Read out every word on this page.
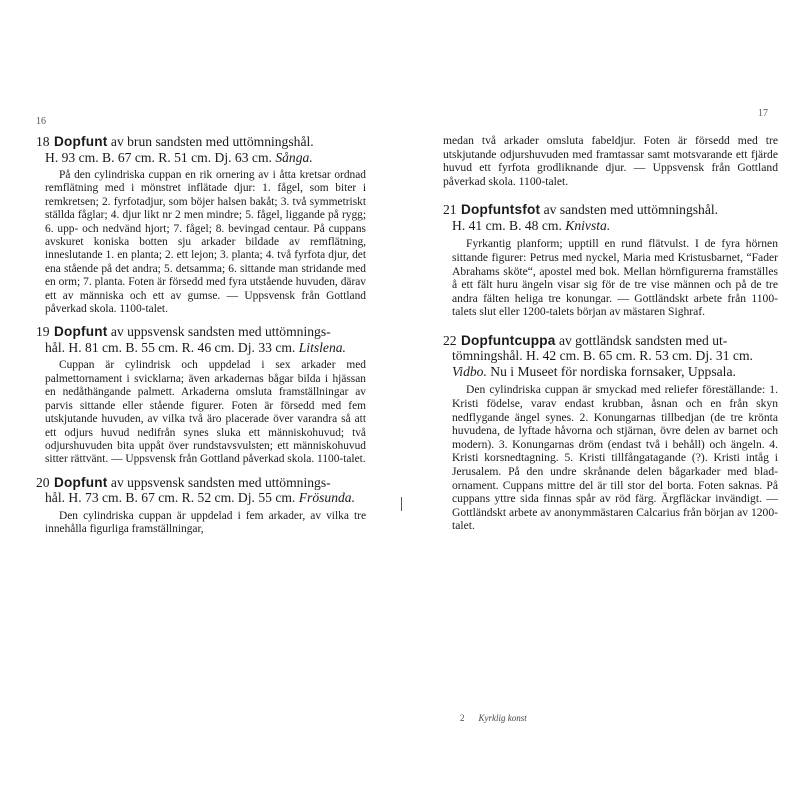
16
17

18 Dopfunt av brun sandsten med uttömningshål.
H. 93 cm. B. 67 cm. R. 51 cm. Dj. 63 cm. Sånga.

På den cylindriska cuppan en rik ornering av i åtta kretsar ordnad remflätning med i mönstret inflätade djur: 1. fågel, som biter i remkretsen; 2. fyrfotadjur, som böjer halsen bakåt; 3. två symmetriskt ställda fåglar; 4. djur likt nr 2 men mindre; 5. fågel, liggande på rygg; 6. upp- och nedvänd hjort; 7. fågel; 8. bevingad centaur. På cuppans avskuret koniska botten sju arkader bildade av remflätning, inneslutande 1. en planta; 2. ett lejon; 3. planta; 4. två fyrfota djur, det ena stående på det andra; 5. detsamma; 6. sittande man stridande med en orm; 7. planta. Foten är försedd med fyra utstående huvuden, därav ett av människa och ett av gumse. — Uppsvensk från Gottland påverkad skola. 1100-talet.

19 Dopfunt av uppsvensk sandsten med uttömnings-
hål. H. 81 cm. B. 55 cm. R. 46 cm. Dj. 33 cm. Litslena.

Cuppan är cylindrisk och uppdelad i sex arkader med palmettornament i svicklarna; även arkadernas bågar bilda i hjässan en nedåthängande palmett. Arkaderna omsluta framställningar av parvis sittande eller stående figurer. Foten är försedd med fem utskjutande huvuden, av vilka två äro placerade över varandra så att ett odjurs huvud nedifrån synes sluka ett människohuvud; två odjurshuvuden bita uppåt över rundstavsvulsten; ett människohuvud sitter rättvänt. — Uppsvensk från Gottland påverkad skola. 1100-talet.

20 Dopfunt av uppsvensk sandsten med uttömnings-
hål. H. 73 cm. B. 67 cm. R. 52 cm. Dj. 55 cm. Frösunda.

Den cylindriska cuppan är uppdelad i fem arkader, av vilka tre innehålla figurliga framställningar,

medan två arkader omsluta fabeldjur. Foten är försedd med tre utskjutande odjurshuvuden med framtassar samt motsvarande ett fjärde huvud ett fyrfota grodliknande djur. — Uppsvensk från Gottland påverkad skola. 1100-talet.

21 Dopfuntsfot av sandsten med uttömningshål.
H. 41 cm. B. 48 cm. Knivsta.

Fyrkantig planform; upptill en rund flätvulst. I de fyra hörnen sittande figurer: Petrus med nyckel, Maria med Kristusbarnet, “Fader Abrahams sköte“, apostel med bok. Mellan hörnfigurerna framställes å ett fält huru ängeln visar sig för de tre vise männen och på de tre andra fälten heliga tre konungar. — Gottländskt arbete från 1100-talets slut eller 1200-talets början av mästaren Sighraf.

22 Dopfuntcuppa av gottländsk sandsten med ut-
tömningshål. H. 42 cm. B. 65 cm. R. 53 cm. Dj. 31 cm. Vidbo. Nu i Museet för nordiska fornsaker, Uppsala.

Den cylindriska cuppan är smyckad med reliefer föreställande: 1. Kristi födelse, varav endast krubban, åsnan och en från skyn nedflygande ängel synes. 2. Konungarnas tillbedjan (de tre krönta huvudena, de lyftade håvorna och stjärnan, övre delen av barnet och modern). 3. Konungarnas dröm (endast två i behåll) och ängeln. 4. Kristi korsnedtagning. 5. Kristi tillfångatagande (?). Kristi intåg i Jerusalem. På den undre skrånande delen bågarkader med bladornament. Cuppans mittre del är till stor del borta. Foten saknas. På cuppans yttre sida finnas spår av röd färg. Ärgfläckar invändigt. — Gottländskt arbete av anonymmästaren Calcarius från början av 1200-talet.

2 Kyrklig konst
